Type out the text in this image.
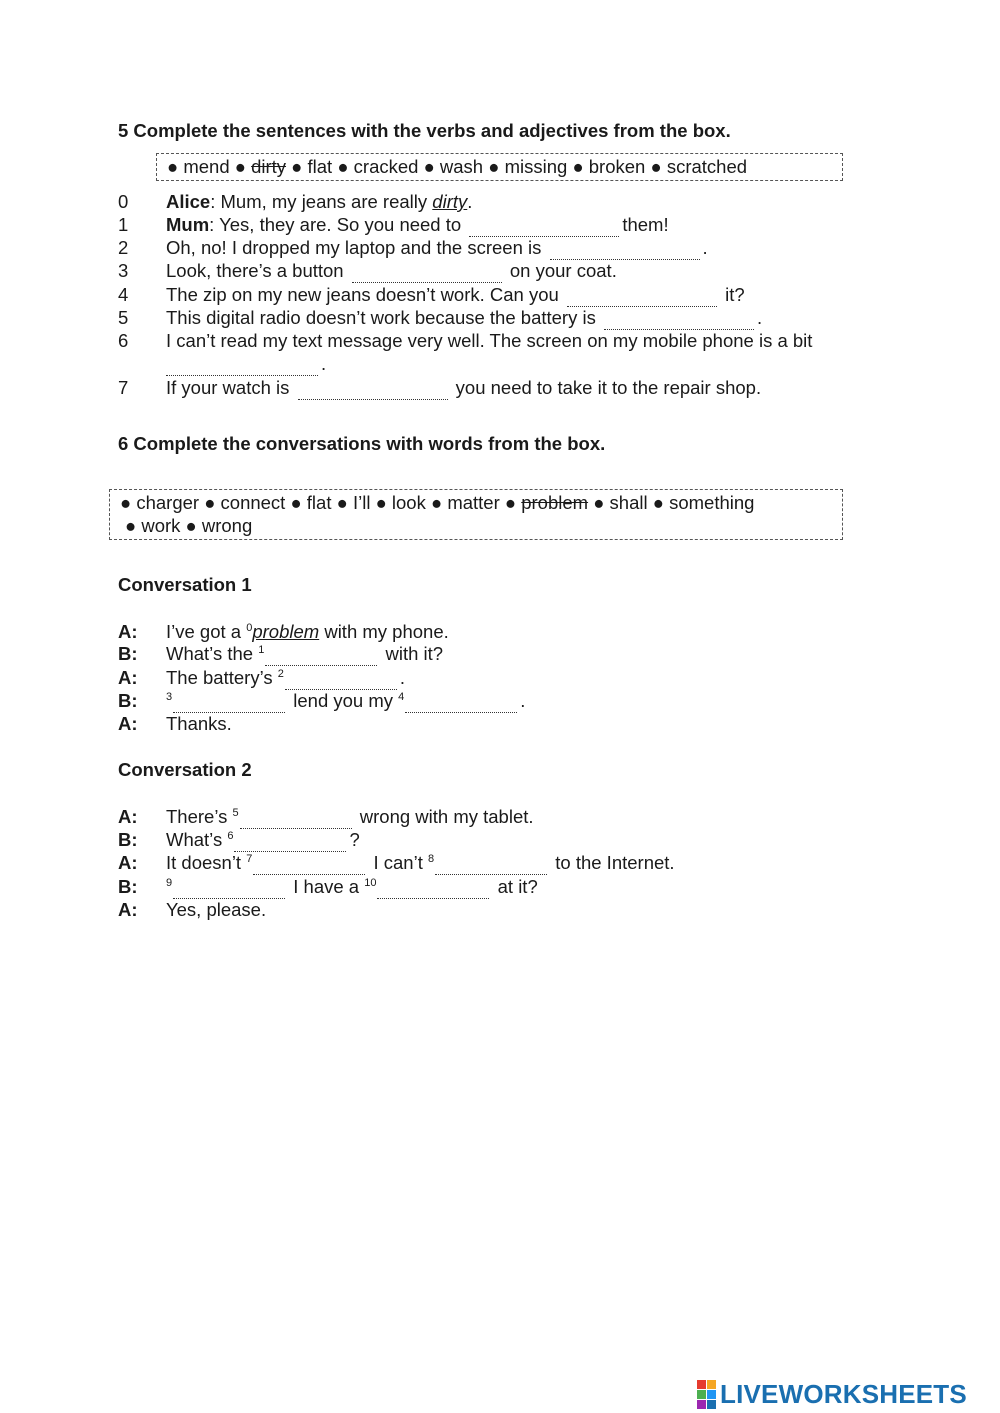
5 Complete the sentences with the verbs and adjectives from the box.
● mend ● dirty ● flat ● cracked ● wash ● missing ● broken ● scratched
0 Alice: Mum, my jeans are really dirty.
1 Mum: Yes, they are. So you need to	them!
2 Oh, no! I dropped my laptop and the screen is	.
3 Look, there’s a button	on your coat.
4 The zip on my new jeans doesn’t work. Can you	it?
5 This digital radio doesn’t work because the battery is	.
6 I can’t read my text message very well. The screen on my mobile phone is a bit
.
7 If your watch is	you need to take it to the repair shop.
6 Complete the conversations with words from the box.
● charger ● connect ● flat ● I’ll ● look ● matter ● problem ● shall ● something
● work ● wrong
Conversation 1
A: I’ve got a $^0$problem with my phone.
B: What’s the $^1$	with it?
A: The battery’s $^2$	.
B:	$^3$	lend you my $^4$	.
A: Thanks.
Conversation 2
A: There’s $^5$	wrong with my tablet.
B: What’s $^6$	?
A: It doesn’t $^7$	I can’t $^8$	to the Internet.
B:	$^9$	I have a $^{10}$	at it?
A: Yes, please.
LIVEWORKSHEETS
